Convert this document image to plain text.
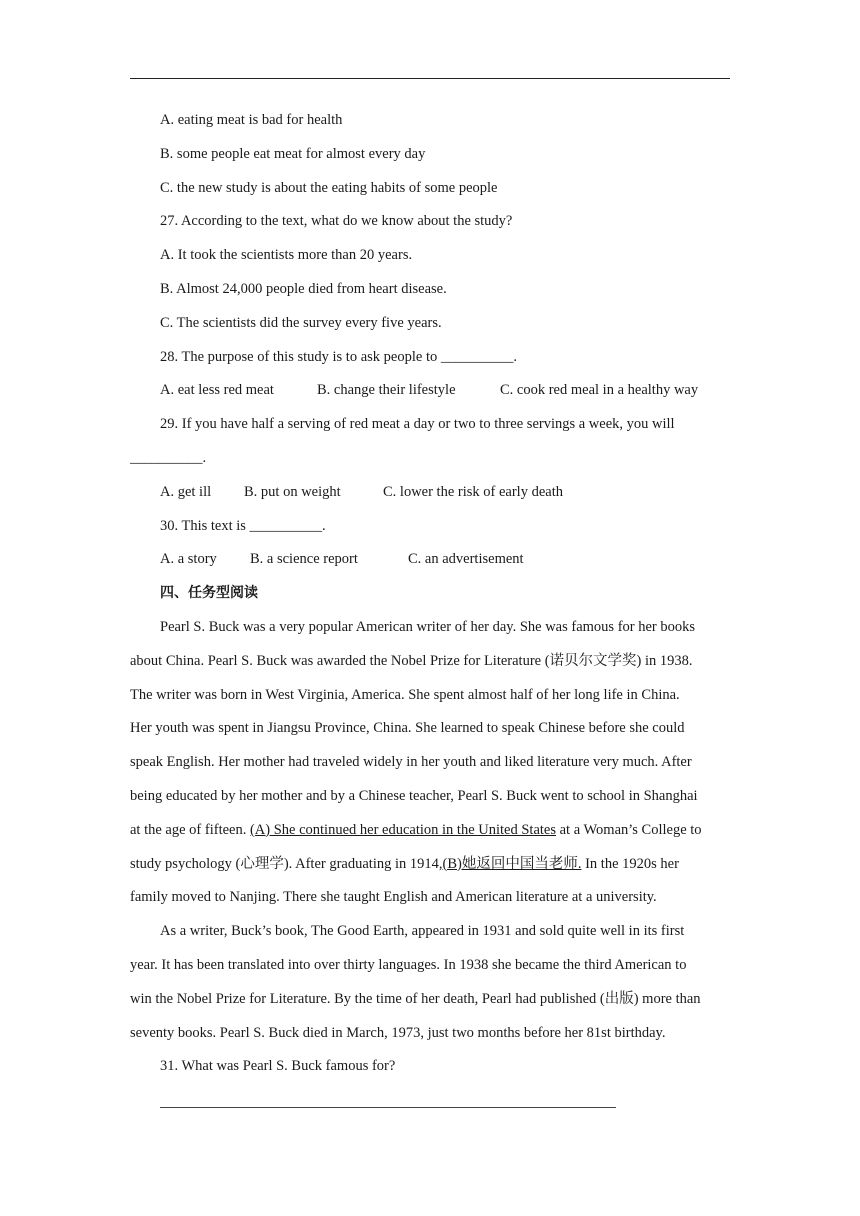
A. eating meat is bad for health
B. some people eat meat for almost every day
C. the new study is about the eating habits of some people
27. According to the text, what do we know about the study?
A. It took the scientists more than 20 years.
B. Almost 24,000 people died from heart disease.
C. The scientists did the survey every five years.
28. The purpose of this study is to ask people to __________.
A. eat less red meat	B. change their lifestyle	C. cook red meal in a healthy way
29. If you have half a serving of red meat a day or two to three servings a week, you will
__________.
A. get ill B. put on weight	C. lower the risk of early death
30. This text is __________.
A. a story B. a science report	C. an advertisement
四、任务型阅读
Pearl S. Buck was a very popular American writer of her day. She was famous for her books
about China. Pearl S. Buck was awarded the Nobel Prize for Literature (诺贝尔文学奖) in 1938.
The writer was born in West Virginia, America. She spent almost half of her long life in China.
Her youth was spent in Jiangsu Province, China. She learned to speak Chinese before she could
speak English. Her mother had traveled widely in her youth and liked literature very much. After
being educated by her mother and by a Chinese teacher, Pearl S. Buck went to school in Shanghai
at the age of fifteen. (A) She continued her education in the United States at a Woman’s College to
study psychology (心理学). After graduating in 1914,(B)她返回中国当老师. In the 1920s her
family moved to Nanjing. There she taught English and American literature at a university.
As a writer, Buck’s book, The Good Earth, appeared in 1931 and sold quite well in its first
year. It has been translated into over thirty languages. In 1938 she became the third American to
win the Nobel Prize for Literature. By the time of her death, Pearl had published (出版) more than
seventy books. Pearl S. Buck died in March, 1973, just two months before her 81st birthday.
31. What was Pearl S. Buck famous for?
